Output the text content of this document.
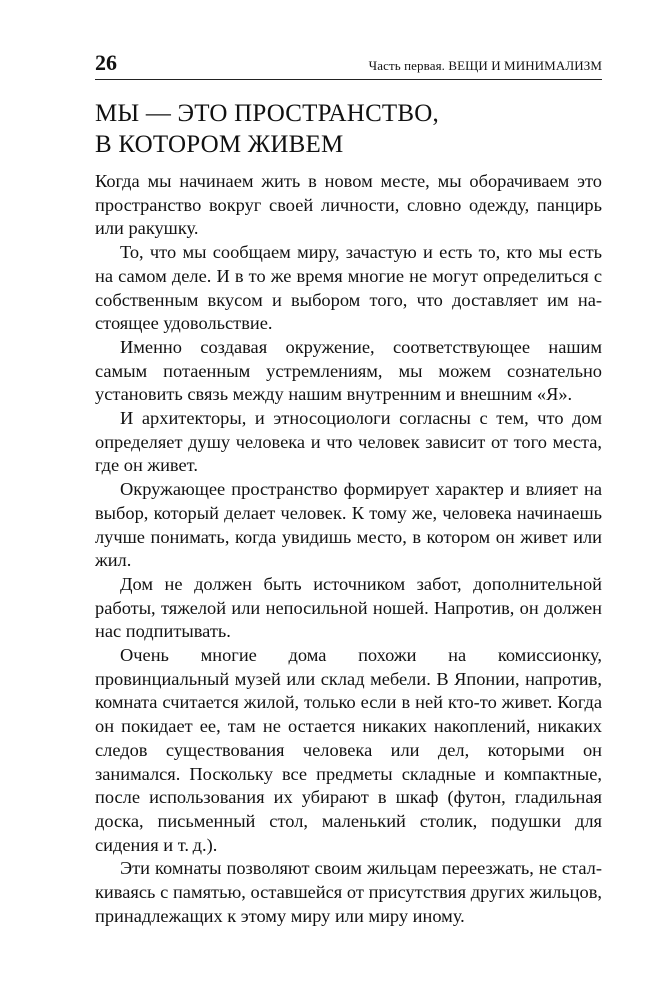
26	Часть первая. ВЕЩИ И МИНИМАЛИЗМ
МЫ — ЭТО ПРОСТРАНСТВО,
В КОТОРОМ ЖИВЕМ

Когда мы начинаем жить в новом месте, мы оборачиваем это пространство вокруг своей личности, словно одежду, панцирь или ракушку.

То, что мы сообщаем миру, зачастую и есть то, кто мы есть на самом деле. И в то же время многие не могут определиться с собственным вкусом и выбором того, что доставляет им настоящее удовольствие.

Именно создавая окружение, соответствующее нашим самым потаенным устремлениям, мы можем сознательно установить связь между нашим внутренним и внешним «Я».

И архитекторы, и этносоциологи согласны с тем, что дом определяет душу человека и что человек зависит от того места, где он живет.

Окружающее пространство формирует характер и влияет на выбор, который делает человек. К тому же, человека начинаешь лучше понимать, когда увидишь место, в котором он живет или жил.

Дом не должен быть источником забот, дополнительной работы, тяжелой или непосильной ношей. Напротив, он должен нас подпитывать.

Очень многие дома похожи на комиссионку, провинциальный музей или склад мебели. В Японии, напротив, комната считается жилой, только если в ней кто-то живет. Когда он покидает ее, там не остается никаких накоплений, никаких следов существования человека или дел, которыми он занимался. Поскольку все предметы складные и компактные, после использования их убирают в шкаф (футон, гладильная доска, письменный стол, маленький столик, подушки для сидения и т. д.).

Эти комнаты позволяют своим жильцам переезжать, не сталкиваясь с памятью, оставшейся от присутствия других жильцов, принадлежащих к этому миру или миру иному.
